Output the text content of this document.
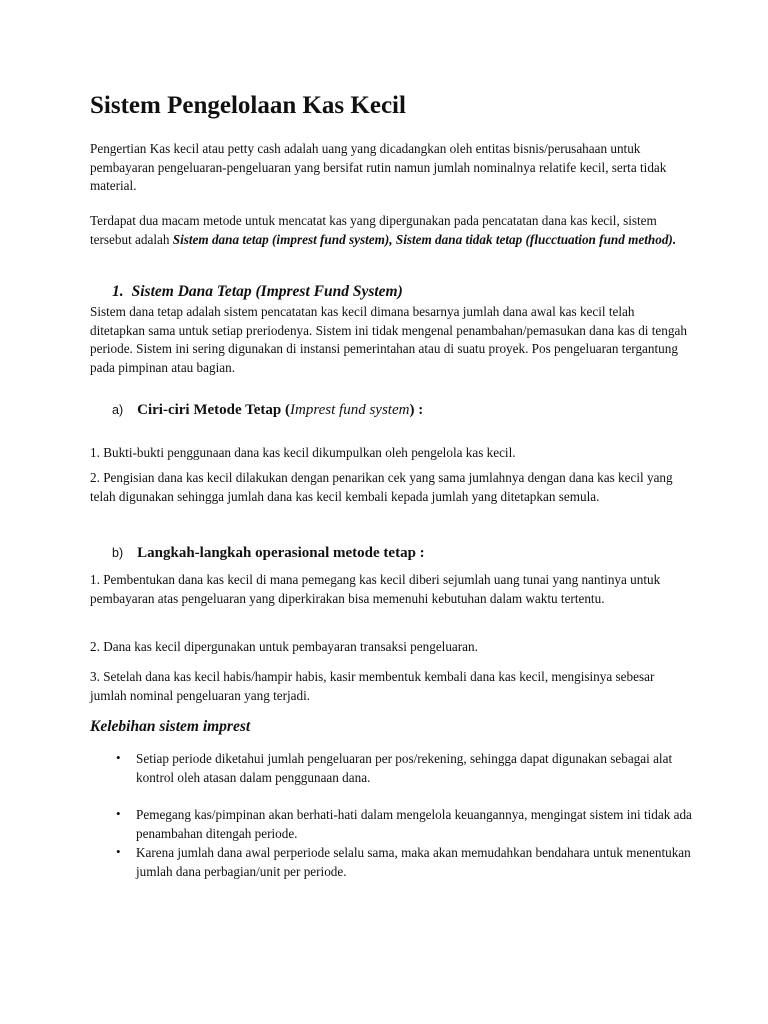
Sistem Pengelolaan Kas Kecil

Pengertian Kas kecil atau petty cash adalah uang yang dicadangkan oleh entitas bisnis/perusahaan untuk pembayaran pengeluaran-pengeluaran yang bersifat rutin namun jumlah nominalnya relatife kecil, serta tidak material.

Terdapat dua macam metode untuk mencatat kas yang dipergunakan pada pencatatan dana kas kecil, sistem tersebut adalah Sistem dana tetap (imprest fund system), Sistem dana tidak tetap (flucctuation fund method).

1. Sistem Dana Tetap (Imprest Fund System)

Sistem dana tetap adalah sistem pencatatan kas kecil dimana besarnya jumlah dana awal kas kecil telah ditetapkan sama untuk setiap preriodenya. Sistem ini tidak mengenal penambahan/pemasukan dana kas di tengah periode. Sistem ini sering digunakan di instansi pemerintahan atau di suatu proyek. Pos pengeluaran tergantung pada pimpinan atau bagian.

a) Ciri-ciri Metode Tetap (Imprest fund system) :

1. Bukti-bukti penggunaan dana kas kecil dikumpulkan oleh pengelola kas kecil.

2. Pengisian dana kas kecil dilakukan dengan penarikan cek yang sama jumlahnya dengan dana kas kecil yang telah digunakan sehingga jumlah dana kas kecil kembali kepada jumlah yang ditetapkan semula.

b) Langkah-langkah operasional metode tetap :

1. Pembentukan dana kas kecil di mana pemegang kas kecil diberi sejumlah uang tunai yang nantinya untuk pembayaran atas pengeluaran yang diperkirakan bisa memenuhi kebutuhan dalam waktu tertentu.

2. Dana kas kecil dipergunakan untuk pembayaran transaksi pengeluaran.

3. Setelah dana kas kecil habis/hampir habis, kasir membentuk kembali dana kas kecil, mengisinya sebesar jumlah nominal pengeluaran yang terjadi.

Kelebihan sistem imprest
• Setiap periode diketahui jumlah pengeluaran per pos/rekening, sehingga dapat digunakan sebagai alat kontrol oleh atasan dalam penggunaan dana.

• Pemegang kas/pimpinan akan berhati-hati dalam mengelola keuangannya, mengingat sistem ini tidak ada penambahan ditengah periode.

• Karena jumlah dana awal perperiode selalu sama, maka akan memudahkan bendahara untuk menentukan jumlah dana perbagian/unit per periode.
